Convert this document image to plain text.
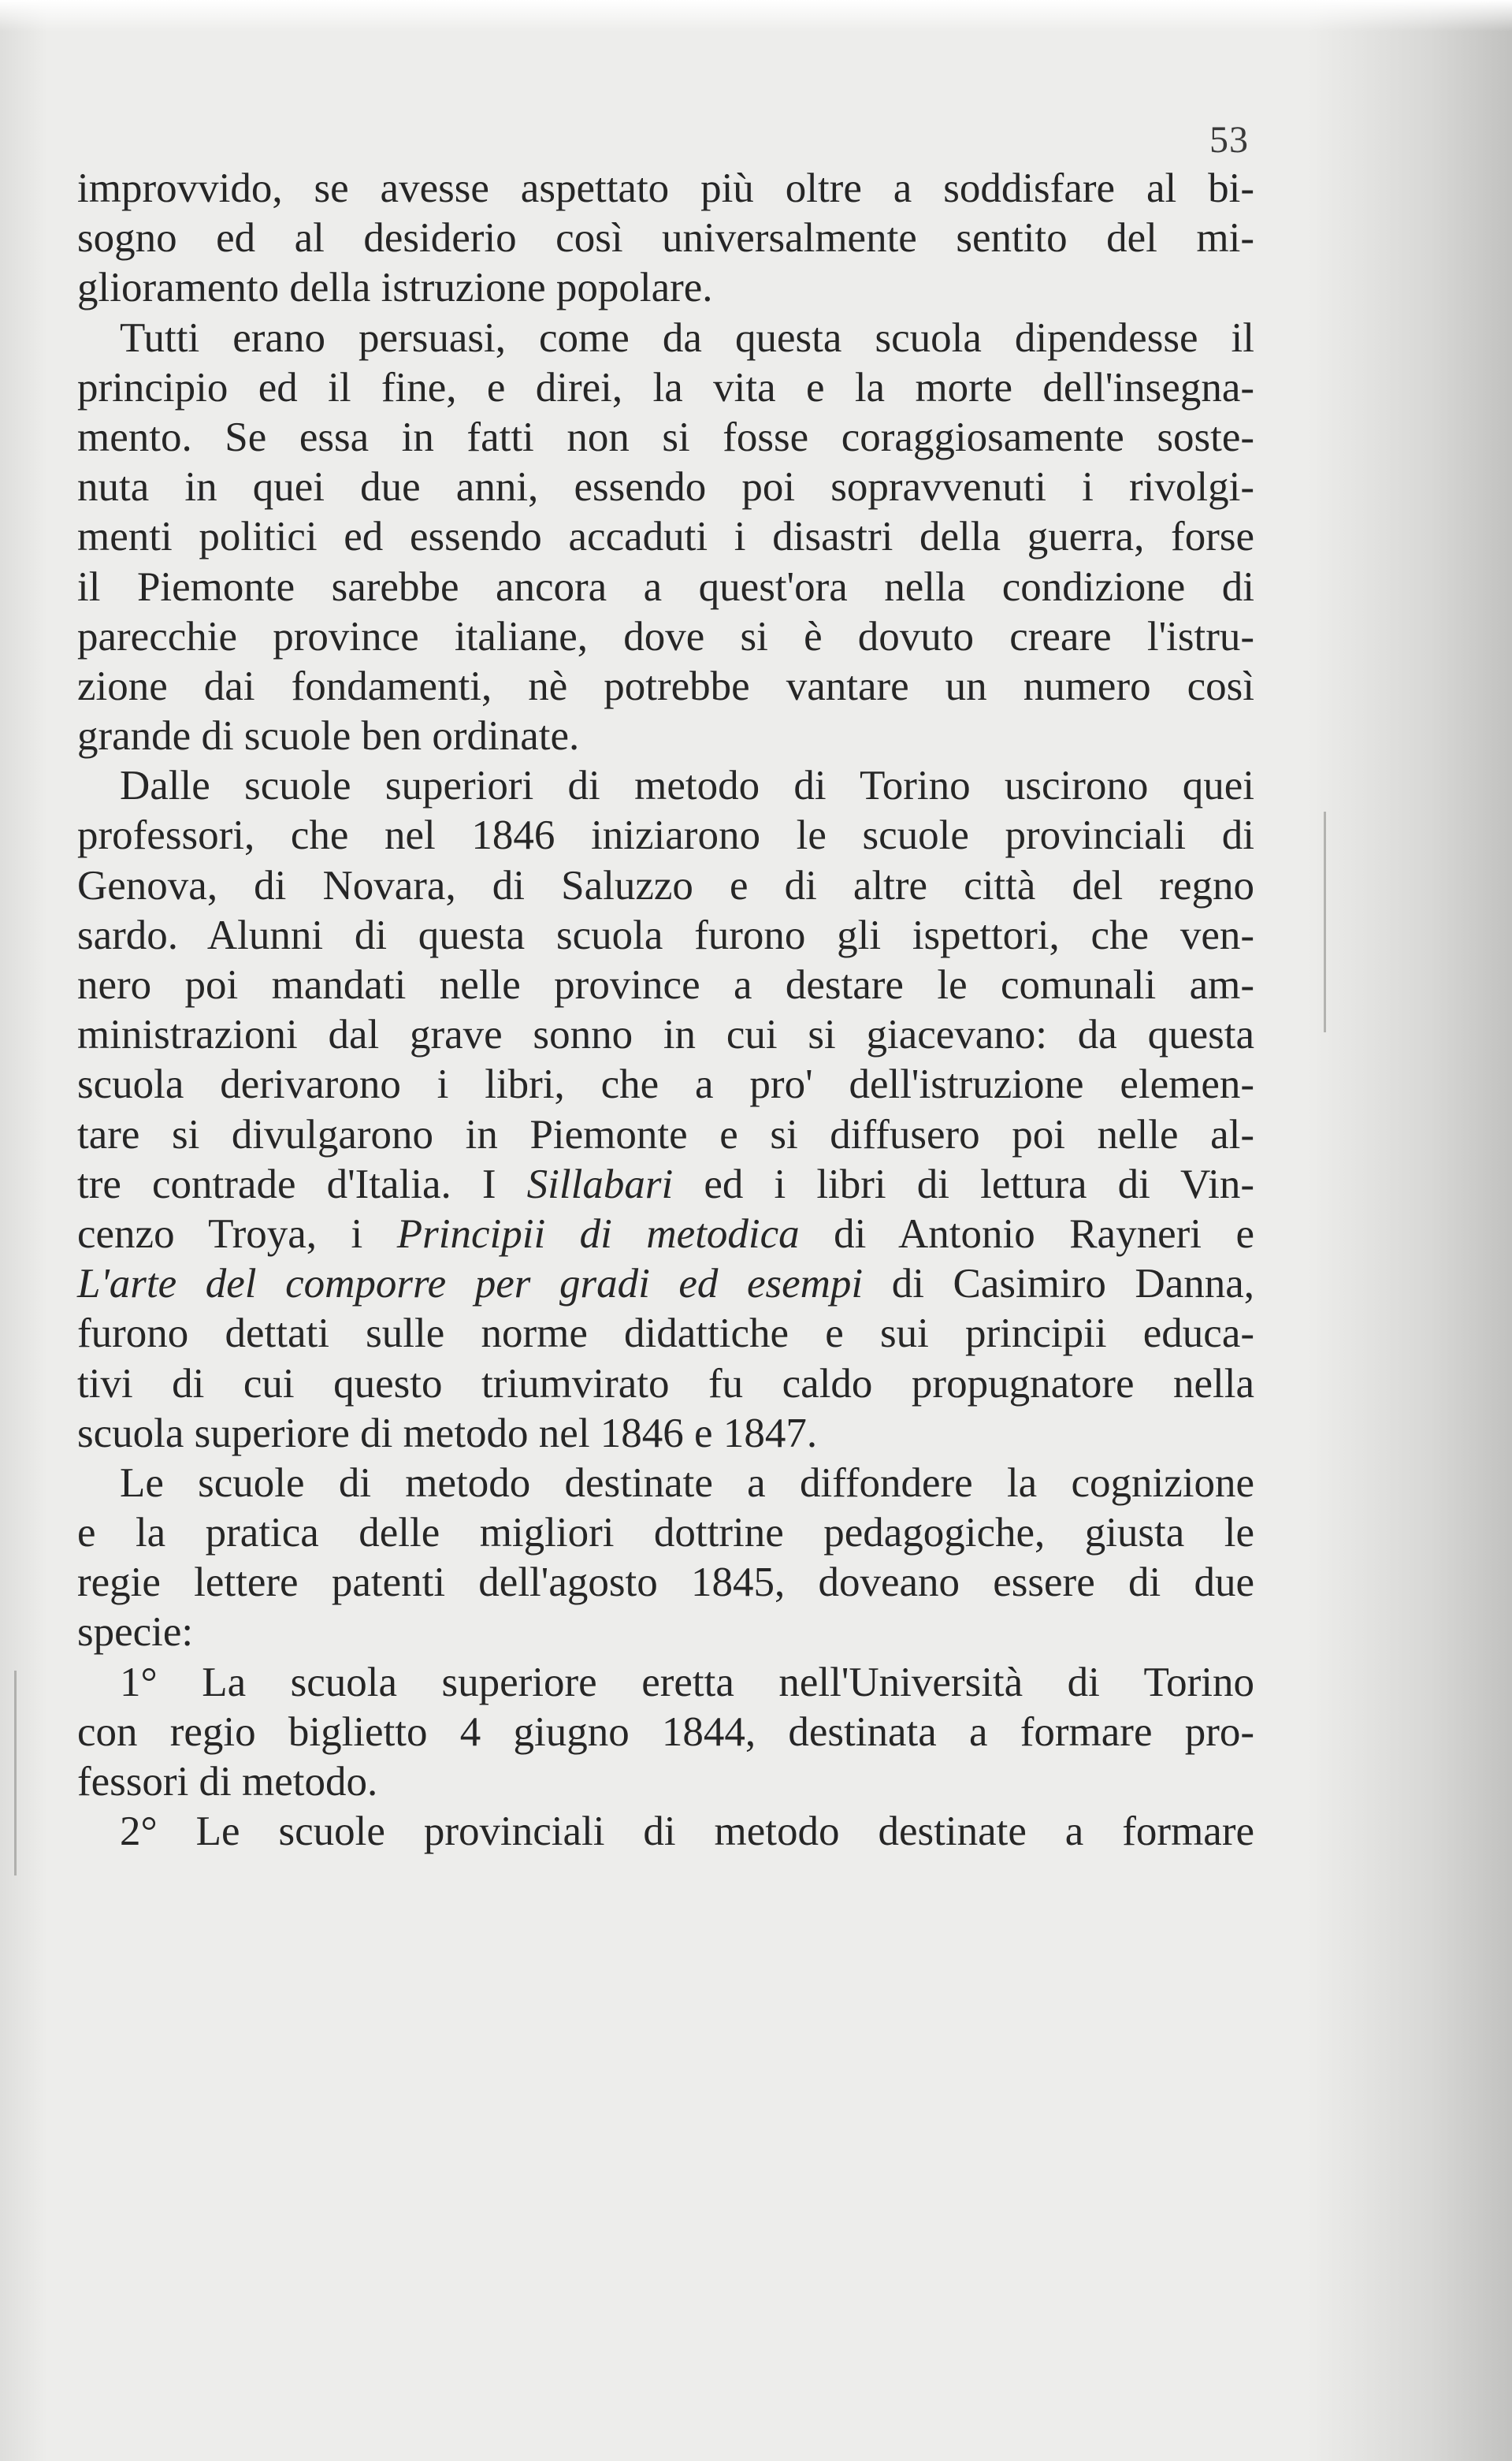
53
improvvido, se avesse aspettato più oltre a soddisfare al bi-
sogno ed al desiderio così universalmente sentito del mi-
glioramento della istruzione popolare.
Tutti erano persuasi, come da questa scuola dipendesse il
principio ed il fine, e direi, la vita e la morte dell'insegna-
mento. Se essa in fatti non si fosse coraggiosamente soste-
nuta in quei due anni, essendo poi sopravvenuti i rivolgi-
menti politici ed essendo accaduti i disastri della guerra, forse
il Piemonte sarebbe ancora a quest'ora nella condizione di
parecchie province italiane, dove si è dovuto creare l'istru-
zione dai fondamenti, nè potrebbe vantare un numero così
grande di scuole ben ordinate.
Dalle scuole superiori di metodo di Torino uscirono quei
professori, che nel 1846 iniziarono le scuole provinciali di
Genova, di Novara, di Saluzzo e di altre città del regno
sardo. Alunni di questa scuola furono gli ispettori, che ven-
nero poi mandati nelle province a destare le comunali am-
ministrazioni dal grave sonno in cui si giacevano: da questa
scuola derivarono i libri, che a pro' dell'istruzione elemen-
tare si divulgarono in Piemonte e si diffusero poi nelle al-
tre contrade d'Italia. I Sillabari ed i libri di lettura di Vin-
cenzo Troya, i Principii di metodica di Antonio Rayneri e
L'arte del comporre per gradi ed esempi di Casimiro Danna,
furono dettati sulle norme didattiche e sui principii educa-
tivi di cui questo triumvirato fu caldo propugnatore nella
scuola superiore di metodo nel 1846 e 1847.
Le scuole di metodo destinate a diffondere la cognizione
e la pratica delle migliori dottrine pedagogiche, giusta le
regie lettere patenti dell'agosto 1845, doveano essere di due
specie:
1° La scuola superiore eretta nell'Università di Torino
con regio biglietto 4 giugno 1844, destinata a formare pro-
fessori di metodo.
2° Le scuole provinciali di metodo destinate a formare
